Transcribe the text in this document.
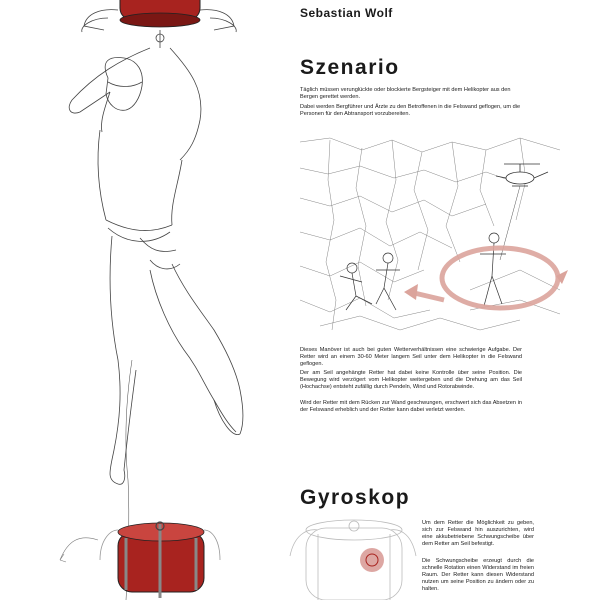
Sebastian Wolf
Szenario

Täglich müssen verunglückte oder blockierte Bergsteiger mit dem Helikopter aus den Bergen gerettet werden.

Dabei werden Bergführer und Ärzte zu den Betroffenen in die Felswand geflogen, um die Personen für den Abtransport vorzubereiten.

Dieses Manöver ist auch bei guten Wetterverhältnissen eine schwierige Aufgabe. Der Retter wird an einem 30-60 Meter langem Seil unter dem Helikopter in die Felswand geflogen.

Der am Seil angehängte Retter hat dabei keine Kontrolle über seine Position. Die Bewegung wird verzögert vom Helikopter weitergeben und die Drehung am das Seil (Hochachse) entsteht zufällig durch Pendeln, Wind und Rotorabwinde.

Wird der Retter mit dem Rücken zur Wand geschwungen, erschwert sich das Absetzen in der Felswand erheblich und der Retter kann dabei verletzt werden.

Gyroskop

Um dem Retter die Möglichkeit zu geben, sich zur Felswand hin auszurichten, wird eine akkubetriebene Schwungscheibe über dem Retter am Seil befestigt.

Die Schwungscheibe erzeugt durch die schnelle Rotation einen Widerstand im freien Raum. Der Retter kann diesen Widerstand nutzen um seine Position zu ändern oder zu halten.
